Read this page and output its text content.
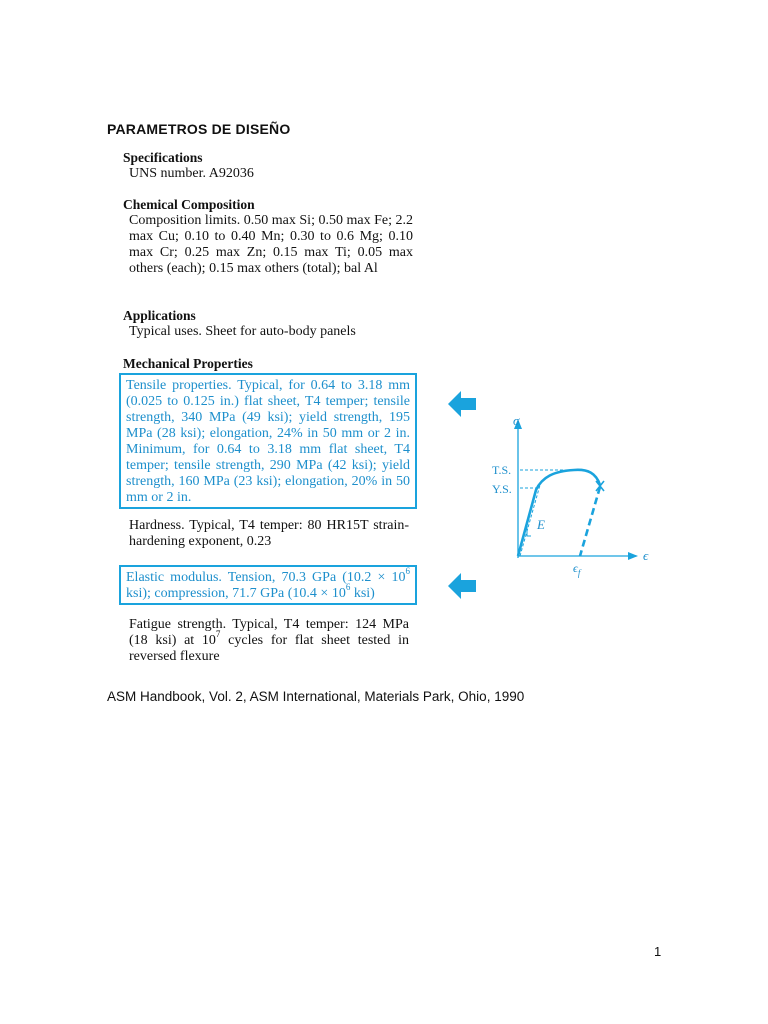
PARAMETROS DE DISEÑO
Specifications
UNS number. A92036
Chemical Composition
Composition limits. 0.50 max Si; 0.50 max Fe; 2.2 max Cu; 0.10 to 0.40 Mn; 0.30 to 0.6 Mg; 0.10 max Cr; 0.25 max Zn; 0.15 max Ti; 0.05 max others (each); 0.15 max others (total); bal Al
Applications
Typical uses. Sheet for auto-body panels
Mechanical Properties
Tensile properties. Typical, for 0.64 to 3.18 mm (0.025 to 0.125 in.) flat sheet, T4 temper; tensile strength, 340 MPa (49 ksi); yield strength, 195 MPa (28 ksi); elongation, 24% in 50 mm or 2 in. Minimum, for 0.64 to 3.18 mm flat sheet, T4 temper; tensile strength, 290 MPa (42 ksi); yield strength, 160 MPa (23 ksi); elongation, 20% in 50 mm or 2 in.
Hardness. Typical, T4 temper: 80 HR15T strain-hardening exponent, 0.23
Elastic modulus. Tension, 70.3 GPa ($10.2 \times 10^6$ ksi); compression, 71.7 GPa ($10.4 \times 10^6$ ksi)
Fatigue strength. Typical, T4 temper: 124 MPa (18 ksi) at $10^7$ cycles for flat sheet tested in reversed flexure
σ
ϵ
T.S.
Y.S.
E
$\epsilon_f$
ASM Handbook, Vol. 2, ASM International, Materials Park, Ohio, 1990
1
